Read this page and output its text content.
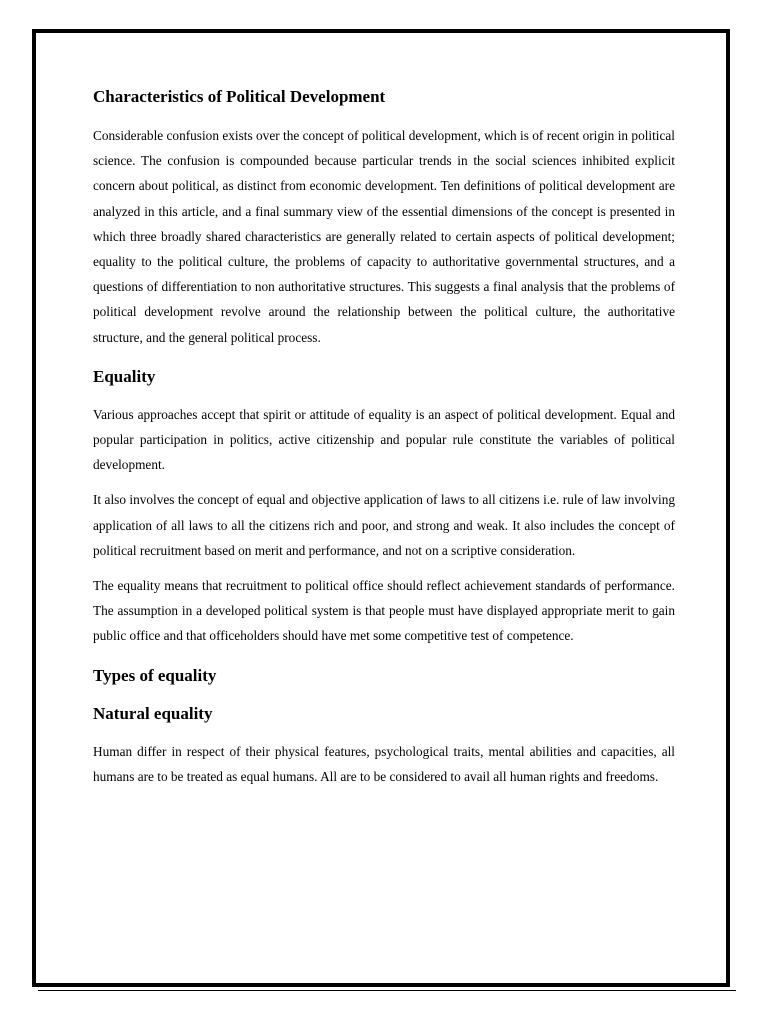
Characteristics of Political Development

Considerable confusion exists over the concept of political development, which is of recent origin in political science. The confusion is compounded because particular trends in the social sciences inhibited explicit concern about political, as distinct from economic development. Ten definitions of political development are analyzed in this article, and a final summary view of the essential dimensions of the concept is presented in which three broadly shared characteristics are generally related to certain aspects of political development; equality to the political culture, the problems of capacity to authoritative governmental structures, and a questions of differentiation to non authoritative structures. This suggests a final analysis that the problems of political development revolve around the relationship between the political culture, the authoritative structure, and the general political process.

Equality

Various approaches accept that spirit or attitude of equality is an aspect of political development. Equal and popular participation in politics, active citizenship and popular rule constitute the variables of political development.

It also involves the concept of equal and objective application of laws to all citizens i.e. rule of law involving application of all laws to all the citizens rich and poor, and strong and weak. It also includes the concept of political recruitment based on merit and performance, and not on a scriptive consideration.

The equality means that recruitment to political office should reflect achievement standards of performance. The assumption in a developed political system is that people must have displayed appropriate merit to gain public office and that officeholders should have met some competitive test of competence.

Types of equality
Natural equality

Human differ in respect of their physical features, psychological traits, mental abilities and capacities, all humans are to be treated as equal humans. All are to be considered to avail all human rights and freedoms.
